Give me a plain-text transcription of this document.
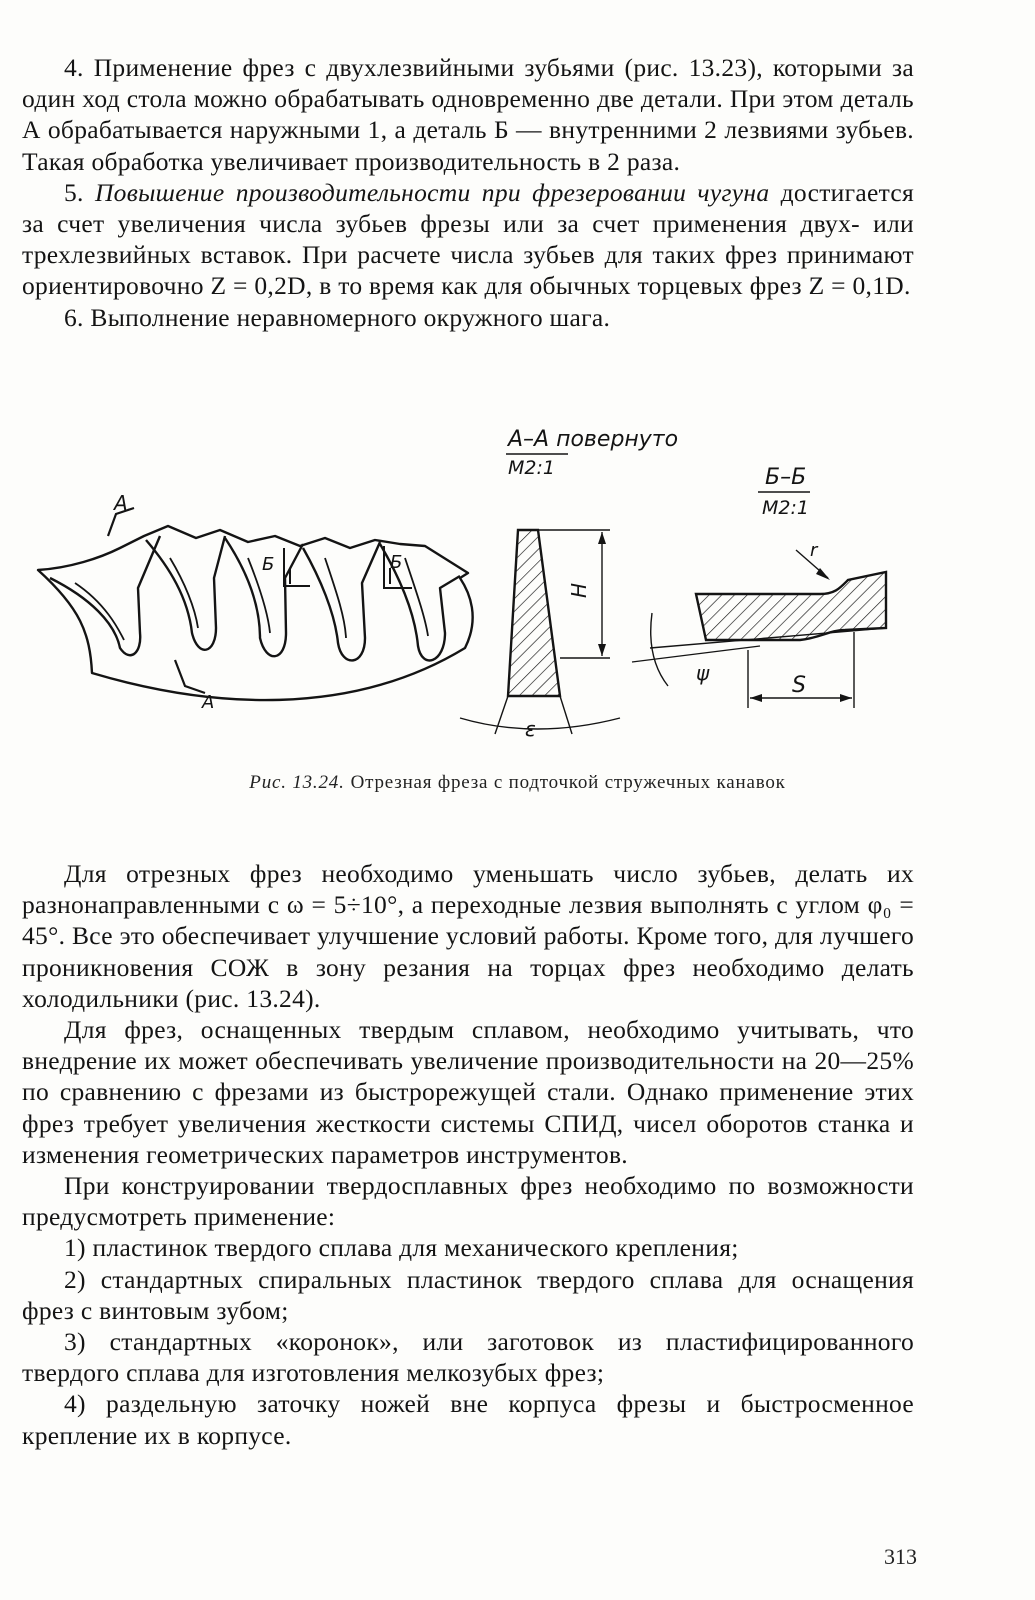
4. Применение фрез с двухлезвийными зубьями (рис. 13.23), которыми за один ход стола можно обрабатывать одновременно две детали. При этом деталь А обрабатывается наружными 1, а деталь Б — внутренними 2 лезвиями зубьев. Такая обработка увеличивает производительность в 2 раза.

5. Повышение производительности при фрезеровании чугуна достигается за счет увеличения числа зубьев фрезы или за счет применения двух- или трехлезвийных вставок. При расчете числа зубьев для таких фрез принимают ориентировочно Z = 0,2D, в то время как для обычных торцевых фрез Z = 0,1D.

6. Выполнение неравномерного окружного шага.

А
А
Б	Б
А–А повернуто
М2:1
H
ε
Б–Б
М2:1
ψ	S
r
Рис. 13.24. Отрезная фреза с подточкой стружечных канавок

Для отрезных фрез необходимо уменьшать число зубьев, делать их разнонаправленными с ω = 5÷10°, а переходные лезвия выполнять с углом φ₀ = 45°. Все это обеспечивает улучшение условий работы. Кроме того, для лучшего проникновения СОЖ в зону резания на торцах фрез необходимо делать холодильники (рис. 13.24).

Для фрез, оснащенных твердым сплавом, необходимо учитывать, что внедрение их может обеспечивать увеличение производительности на 20—25% по сравнению с фрезами из быстрорежущей стали. Однако применение этих фрез требует увеличения жесткости системы СПИД, чисел оборотов станка и изменения геометрических параметров инструментов.

При конструировании твердосплавных фрез необходимо по возможности предусмотреть применение:

1) пластинок твердого сплава для механического крепления;

2) стандартных спиральных пластинок твердого сплава для оснащения фрез с винтовым зубом;

3) стандартных «коронок», или заготовок из пластифицированного твердого сплава для изготовления мелкозубых фрез;

4) раздельную заточку ножей вне корпуса фрезы и быстросменное крепление их в корпусе.

313
